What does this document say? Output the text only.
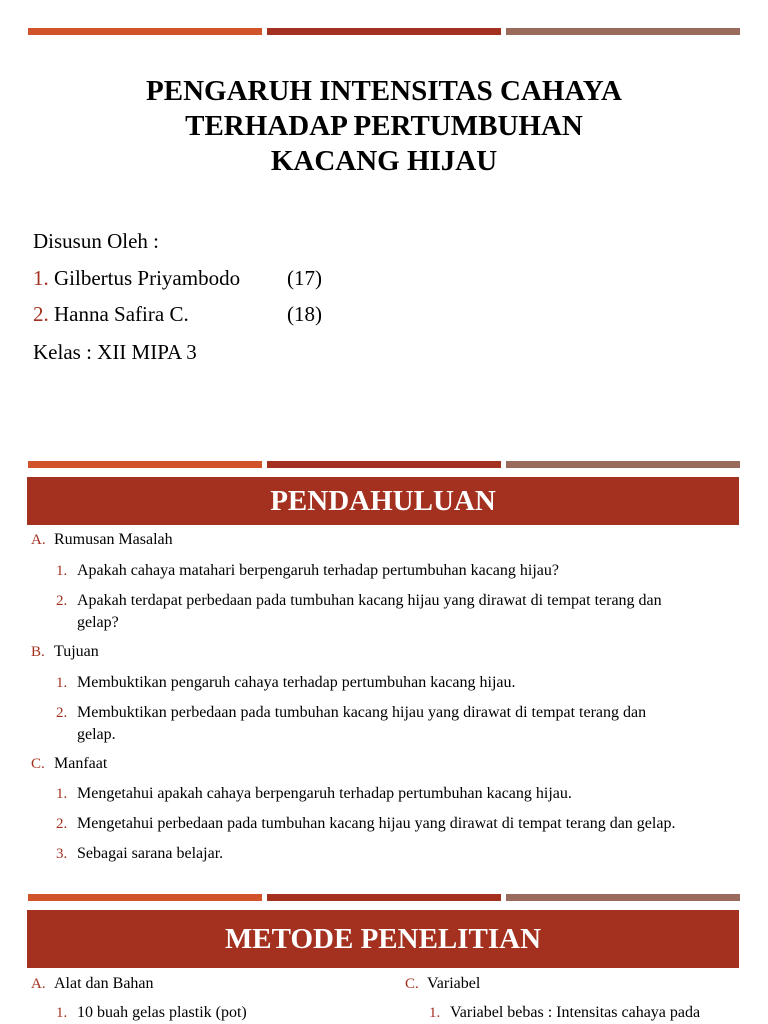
PENGARUH INTENSITAS CAHAYA
TERHADAP PERTUMBUHAN
KACANG HIJAU
Disusun Oleh :
1. Gilbertus Priyambodo (17)
2. Hanna Safira C.	(18)
Kelas : XII MIPA 3
PENDAHULUAN
A. Rumusan Masalah
1. Apakah cahaya matahari berpengaruh terhadap pertumbuhan kacang hijau?
2. Apakah terdapat perbedaan pada tumbuhan kacang hijau yang dirawat di tempat terang dan
gelap?
B. Tujuan
1. Membuktikan pengaruh cahaya terhadap pertumbuhan kacang hijau.
2. Membuktikan perbedaan pada tumbuhan kacang hijau yang dirawat di tempat terang dan
gelap.
C. Manfaat
1. Mengetahui apakah cahaya berpengaruh terhadap pertumbuhan kacang hijau.
2. Mengetahui perbedaan pada tumbuhan kacang hijau yang dirawat di tempat terang dan gelap.
3. Sebagai sarana belajar.
METODE PENELITIAN
A. Alat dan Bahan
1. 10 buah gelas plastik (pot)
C. Variabel
1. Variabel bebas : Intensitas cahaya pada
